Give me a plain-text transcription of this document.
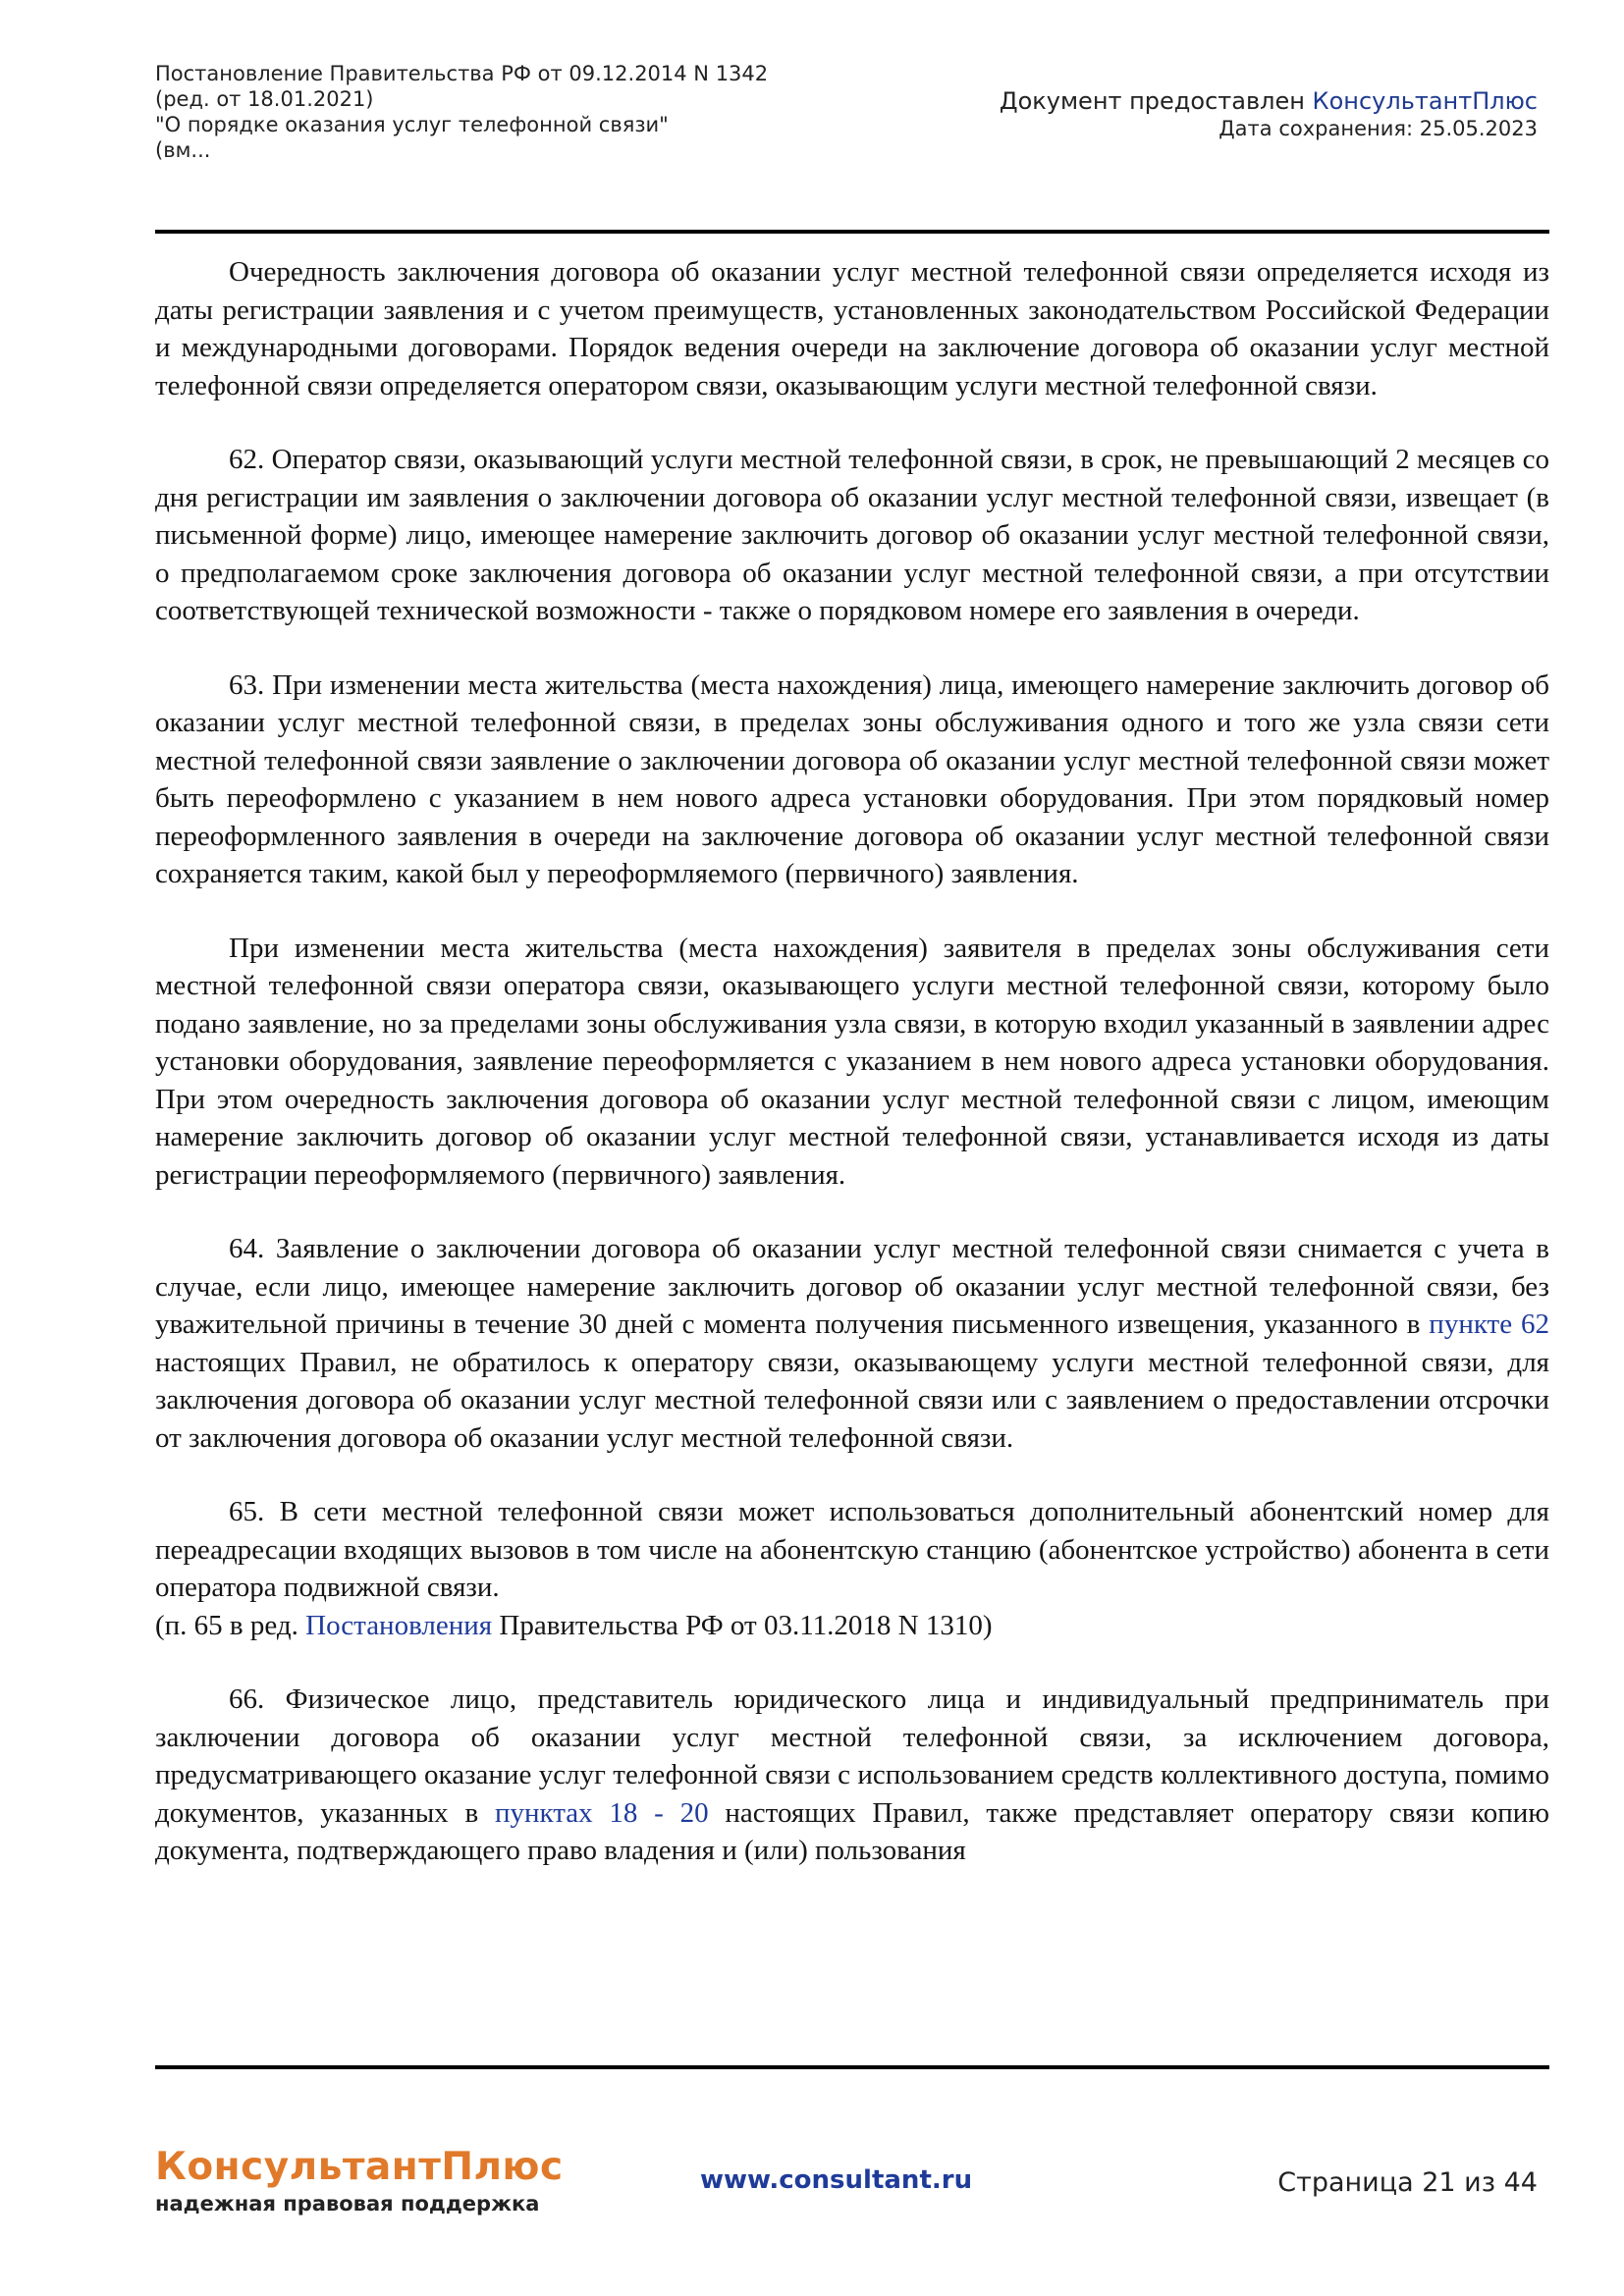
Постановление Правительства РФ от 09.12.2014 N 1342
(ред. от 18.01.2021)
"О порядке оказания услуг телефонной связи"
(вм...
Документ предоставлен КонсультантПлюс
Дата сохранения: 25.05.2023

Очередность заключения договора об оказании услуг местной телефонной связи определяется исходя из даты регистрации заявления и с учетом преимуществ, установленных законодательством Российской Федерации и международными договорами. Порядок ведения очереди на заключение договора об оказании услуг местной телефонной связи определяется оператором связи, оказывающим услуги местной телефонной связи.

62. Оператор связи, оказывающий услуги местной телефонной связи, в срок, не превышающий 2 месяцев со дня регистрации им заявления о заключении договора об оказании услуг местной телефонной связи, извещает (в письменной форме) лицо, имеющее намерение заключить договор об оказании услуг местной телефонной связи, о предполагаемом сроке заключения договора об оказании услуг местной телефонной связи, а при отсутствии соответствующей технической возможности - также о порядковом номере его заявления в очереди.

63. При изменении места жительства (места нахождения) лица, имеющего намерение заключить договор об оказании услуг местной телефонной связи, в пределах зоны обслуживания одного и того же узла связи сети местной телефонной связи заявление о заключении договора об оказании услуг местной телефонной связи может быть переоформлено с указанием в нем нового адреса установки оборудования. При этом порядковый номер переоформленного заявления в очереди на заключение договора об оказании услуг местной телефонной связи сохраняется таким, какой был у переоформляемого (первичного) заявления.

При изменении места жительства (места нахождения) заявителя в пределах зоны обслуживания сети местной телефонной связи оператора связи, оказывающего услуги местной телефонной связи, которому было подано заявление, но за пределами зоны обслуживания узла связи, в которую входил указанный в заявлении адрес установки оборудования, заявление переоформляется с указанием в нем нового адреса установки оборудования. При этом очередность заключения договора об оказании услуг местной телефонной связи с лицом, имеющим намерение заключить договор об оказании услуг местной телефонной связи, устанавливается исходя из даты регистрации переоформляемого (первичного) заявления.

64. Заявление о заключении договора об оказании услуг местной телефонной связи снимается с учета в случае, если лицо, имеющее намерение заключить договор об оказании услуг местной телефонной связи, без уважительной причины в течение 30 дней с момента получения письменного извещения, указанного в пункте 62 настоящих Правил, не обратилось к оператору связи, оказывающему услуги местной телефонной связи, для заключения договора об оказании услуг местной телефонной связи или с заявлением о предоставлении отсрочки от заключения договора об оказании услуг местной телефонной связи.

65. В сети местной телефонной связи может использоваться дополнительный абонентский номер для переадресации входящих вызовов в том числе на абонентскую станцию (абонентское устройство) абонента в сети оператора подвижной связи.

(п. 65 в ред. Постановления Правительства РФ от 03.11.2018 N 1310)

66. Физическое лицо, представитель юридического лица и индивидуальный предприниматель при заключении договора об оказании услуг местной телефонной связи, за исключением договора, предусматривающего оказание услуг телефонной связи с использованием средств коллективного доступа, помимо документов, указанных в пунктах 18 - 20 настоящих Правил, также представляет оператору связи копию документа, подтверждающего право владения и (или) пользования

КонсультантПлюс
надежная правовая поддержка
www.consultant.ru	Страница 21 из 44
